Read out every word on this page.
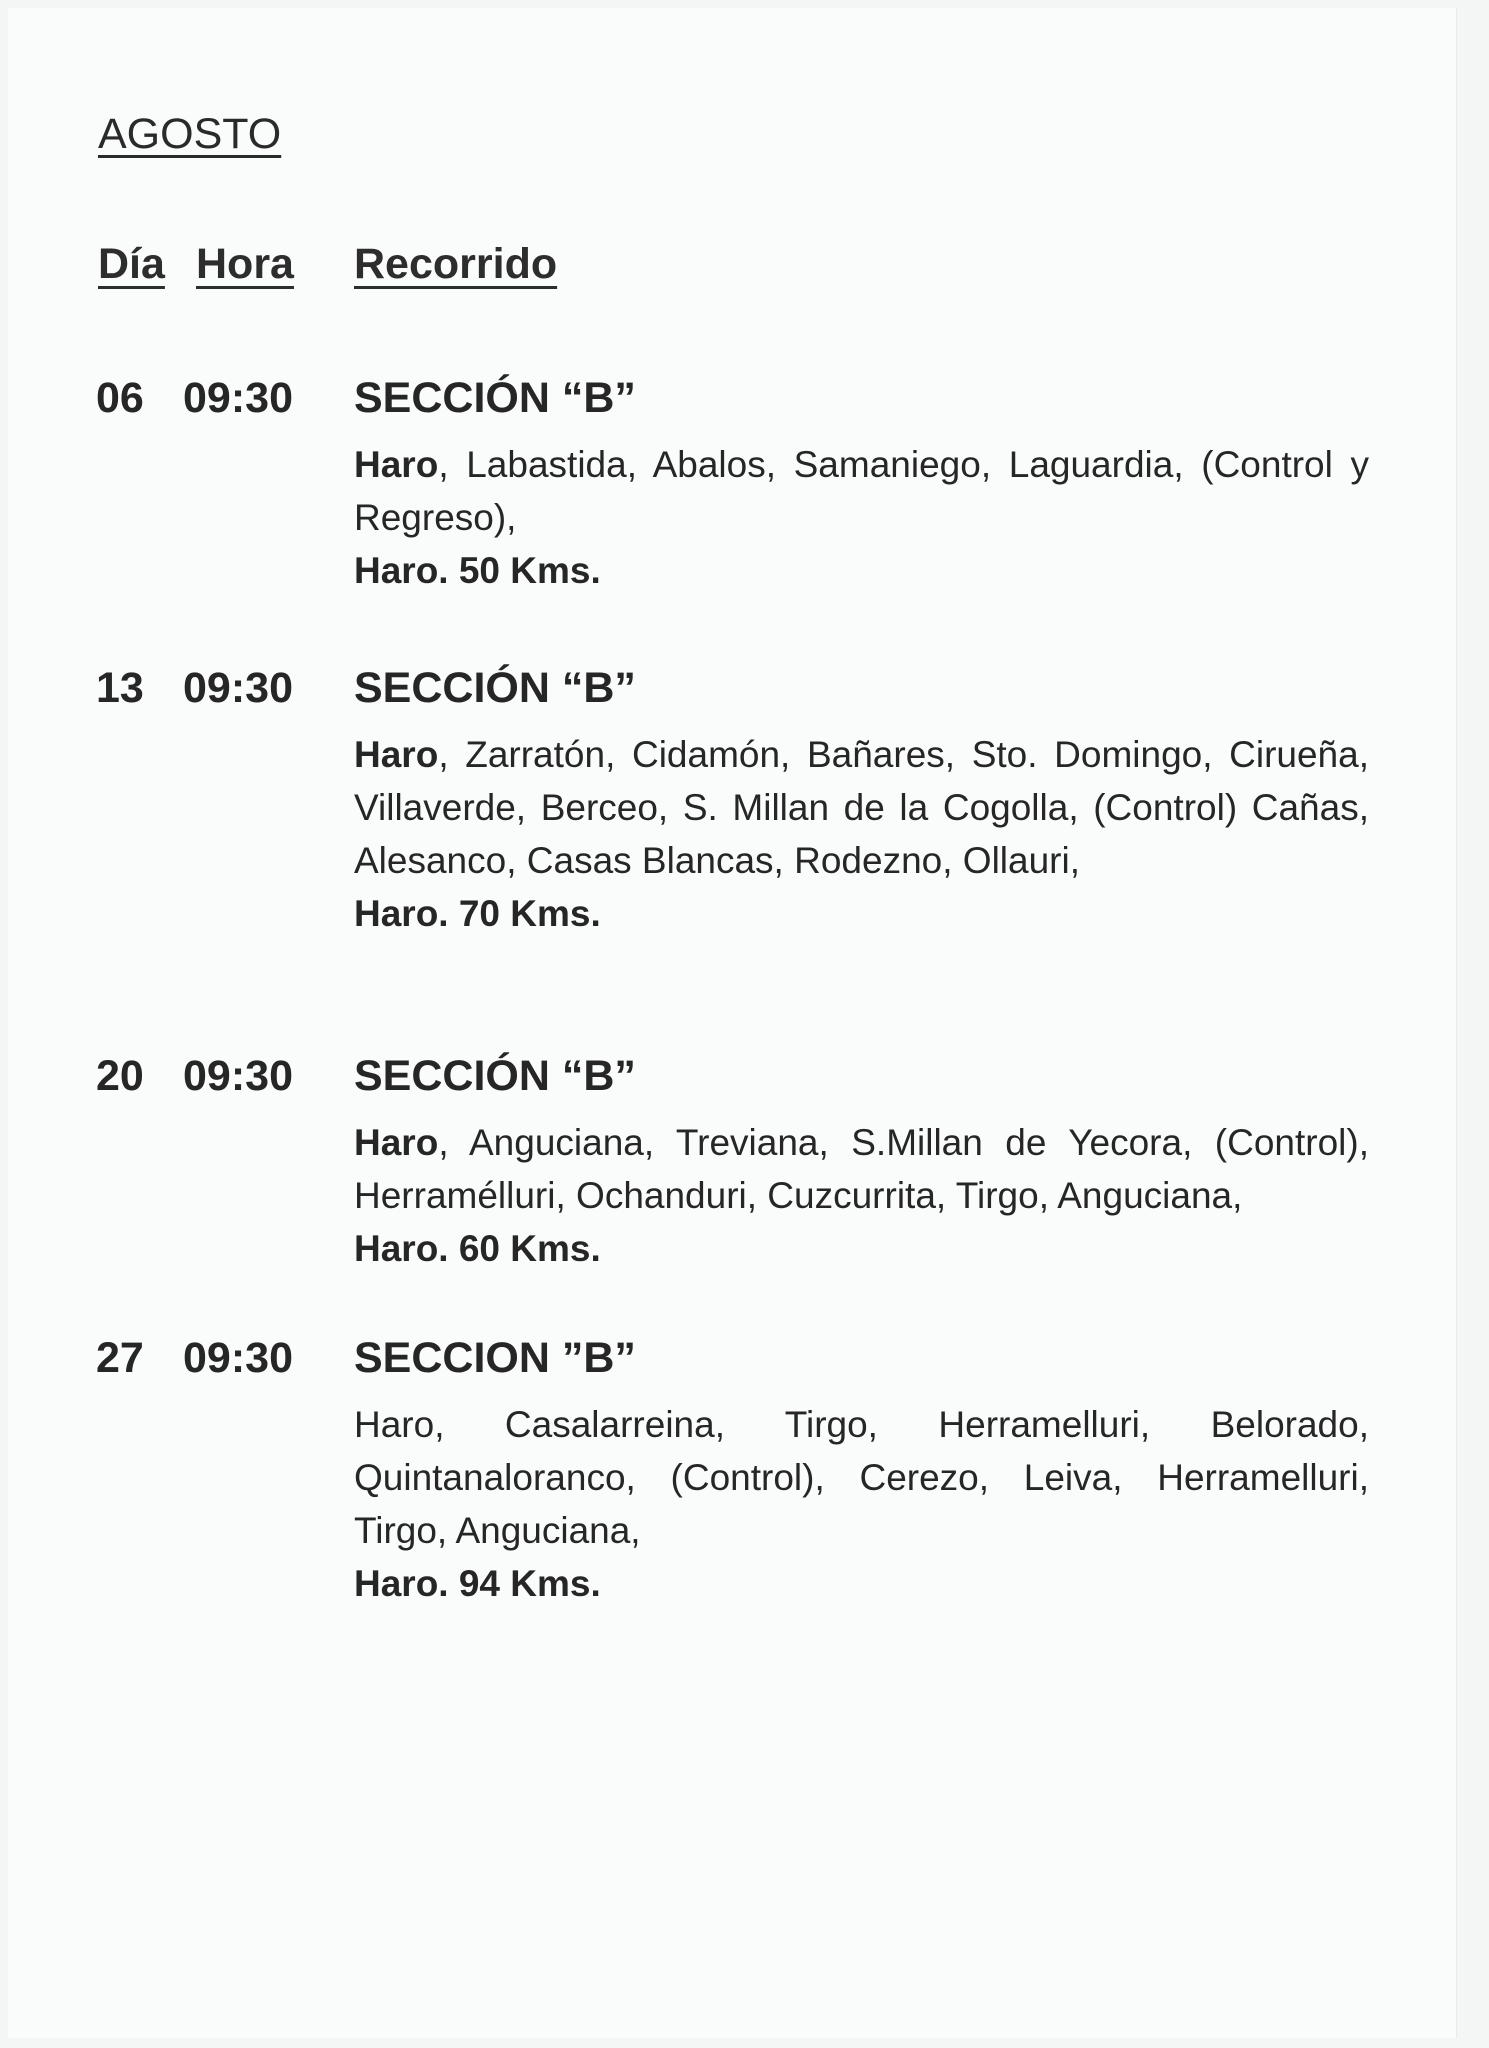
AGOSTO
Día Hora Recorrido
06 09:30 SECCIÓN “B”
Haro, Labastida, Abalos, Samaniego, Laguardia, (Control y Regreso),
Haro. 50 Kms.
13 09:30 SECCIÓN “B”
Haro, Zarratón, Cidamón, Bañares, Sto. Domingo, Cirueña, Villaverde, Berceo, S. Millan de la Cogolla, (Control) Cañas, Alesanco, Casas Blancas, Rodezno, Ollauri,
Haro. 70 Kms.
20 09:30 SECCIÓN “B”
Haro, Anguciana, Treviana, S.Millan de Yecora, (Control), Herramélluri, Ochanduri, Cuzcurrita, Tirgo, Anguciana,
Haro. 60 Kms.
27 09:30 SECCION ”B”
Haro, Casalarreina, Tirgo, Herramelluri, Belorado, Quintanaloranco, (Control), Cerezo, Leiva, Herramelluri, Tirgo, Anguciana,
Haro. 94 Kms.
